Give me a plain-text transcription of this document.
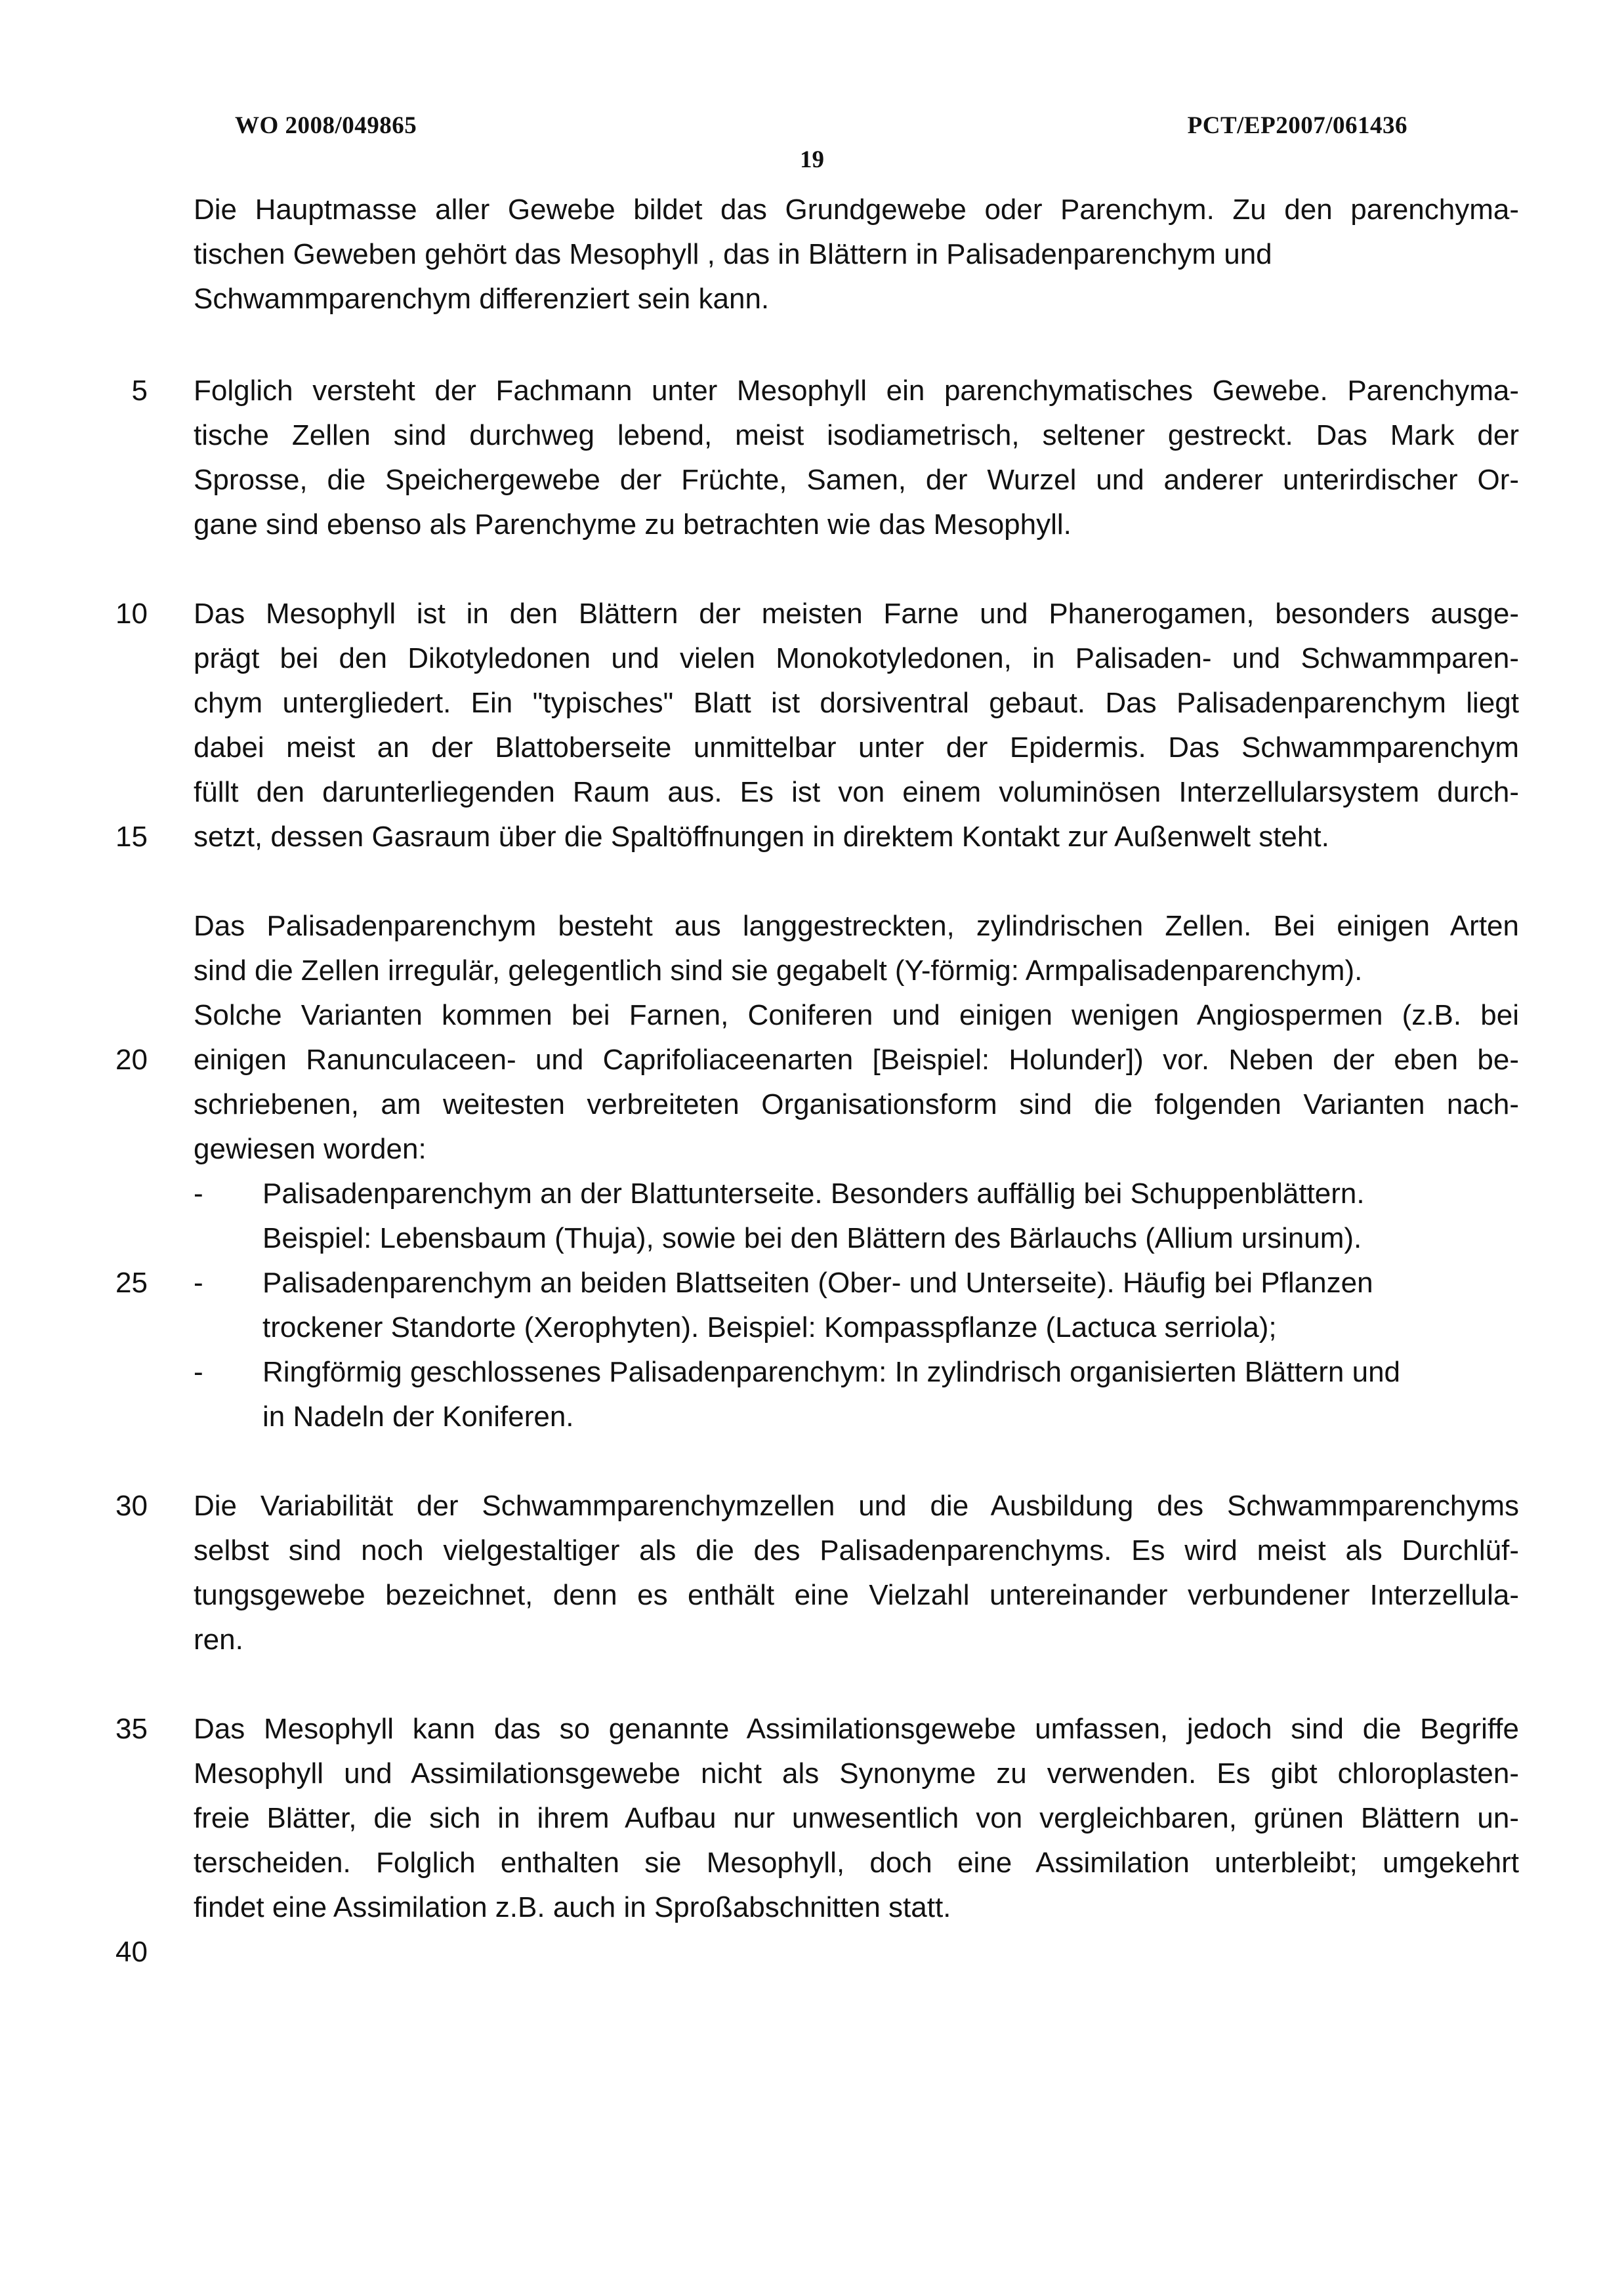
WO 2008/049865	PCT/EP2007/061436
19
5
10
15
20
25
30
35
40
Die Hauptmasse aller Gewebe bildet das Grundgewebe oder Parenchym. Zu den parenchyma-
tischen Geweben gehört das Mesophyll , das in Blättern in Palisadenparenchym und
Schwammparenchym differenziert sein kann.
Folglich versteht der Fachmann unter Mesophyll ein parenchymatisches Gewebe. Parenchyma-
tische Zellen sind durchweg lebend, meist isodiametrisch, seltener gestreckt. Das Mark der
Sprosse, die Speichergewebe der Früchte, Samen, der Wurzel und anderer unterirdischer Or-
gane sind ebenso als Parenchyme zu betrachten wie das Mesophyll.
Das Mesophyll ist in den Blättern der meisten Farne und Phanerogamen, besonders ausge-
prägt bei den Dikotyledonen und vielen Monokotyledonen, in Palisaden- und Schwammparen-
chym untergliedert. Ein "typisches" Blatt ist dorsiventral gebaut. Das Palisadenparenchym liegt
dabei meist an der Blattoberseite unmittelbar unter der Epidermis. Das Schwammparenchym
füllt den darunterliegenden Raum aus. Es ist von einem voluminösen Interzellularsystem durch-
setzt, dessen Gasraum über die Spaltöffnungen in direktem Kontakt zur Außenwelt steht.
Das Palisadenparenchym besteht aus langgestreckten, zylindrischen Zellen. Bei einigen Arten
sind die Zellen irregulär, gelegentlich sind sie gegabelt (Y-förmig: Armpalisadenparenchym).
Solche Varianten kommen bei Farnen, Coniferen und einigen wenigen Angiospermen (z.B. bei
einigen Ranunculaceen- und Caprifoliaceenarten [Beispiel: Holunder]) vor. Neben der eben be-
schriebenen, am weitesten verbreiteten Organisationsform sind die folgenden Varianten nach-
gewiesen worden:
- Palisadenparenchym an der Blattunterseite. Besonders auffällig bei Schuppenblättern.
Beispiel: Lebensbaum (Thuja), sowie bei den Blättern des Bärlauchs (Allium ursinum).
- Palisadenparenchym an beiden Blattseiten (Ober- und Unterseite). Häufig bei Pflanzen
trockener Standorte (Xerophyten). Beispiel: Kompasspflanze (Lactuca serriola);
- Ringförmig geschlossenes Palisadenparenchym: In zylindrisch organisierten Blättern und
in Nadeln der Koniferen.
Die Variabilität der Schwammparenchymzellen und die Ausbildung des Schwammparenchyms
selbst sind noch vielgestaltiger als die des Palisadenparenchyms. Es wird meist als Durchlüf-
tungsgewebe bezeichnet, denn es enthält eine Vielzahl untereinander verbundener Interzellula-
ren.
Das Mesophyll kann das so genannte Assimilationsgewebe umfassen, jedoch sind die Begriffe
Mesophyll und Assimilationsgewebe nicht als Synonyme zu verwenden. Es gibt chloroplasten-
freie Blätter, die sich in ihrem Aufbau nur unwesentlich von vergleichbaren, grünen Blättern un-
terscheiden. Folglich enthalten sie Mesophyll, doch eine Assimilation unterbleibt; umgekehrt
findet eine Assimilation z.B. auch in Sproßabschnitten statt.
